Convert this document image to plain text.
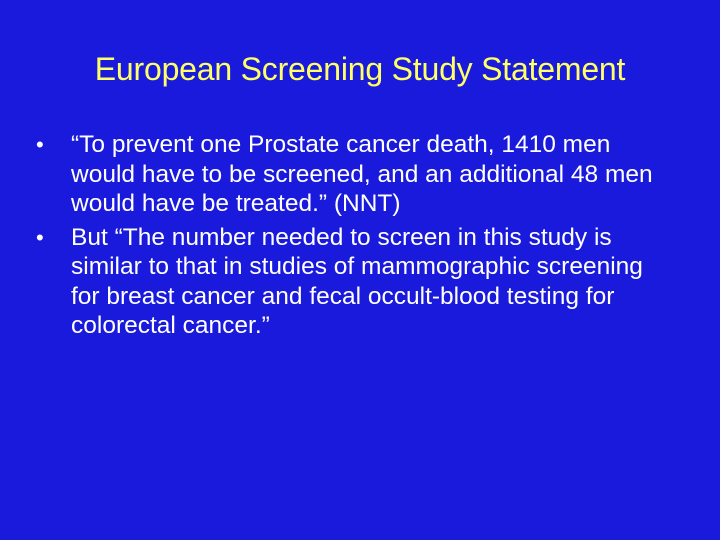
European Screening Study Statement
•	“To prevent one Prostate cancer death, 1410 men would have to be screened, and an additional 48 men would have be treated.” (NNT)
•	But “The number needed to screen in this study is similar to that in studies of mammographic screening for breast cancer and fecal occult-blood testing for colorectal cancer.”
